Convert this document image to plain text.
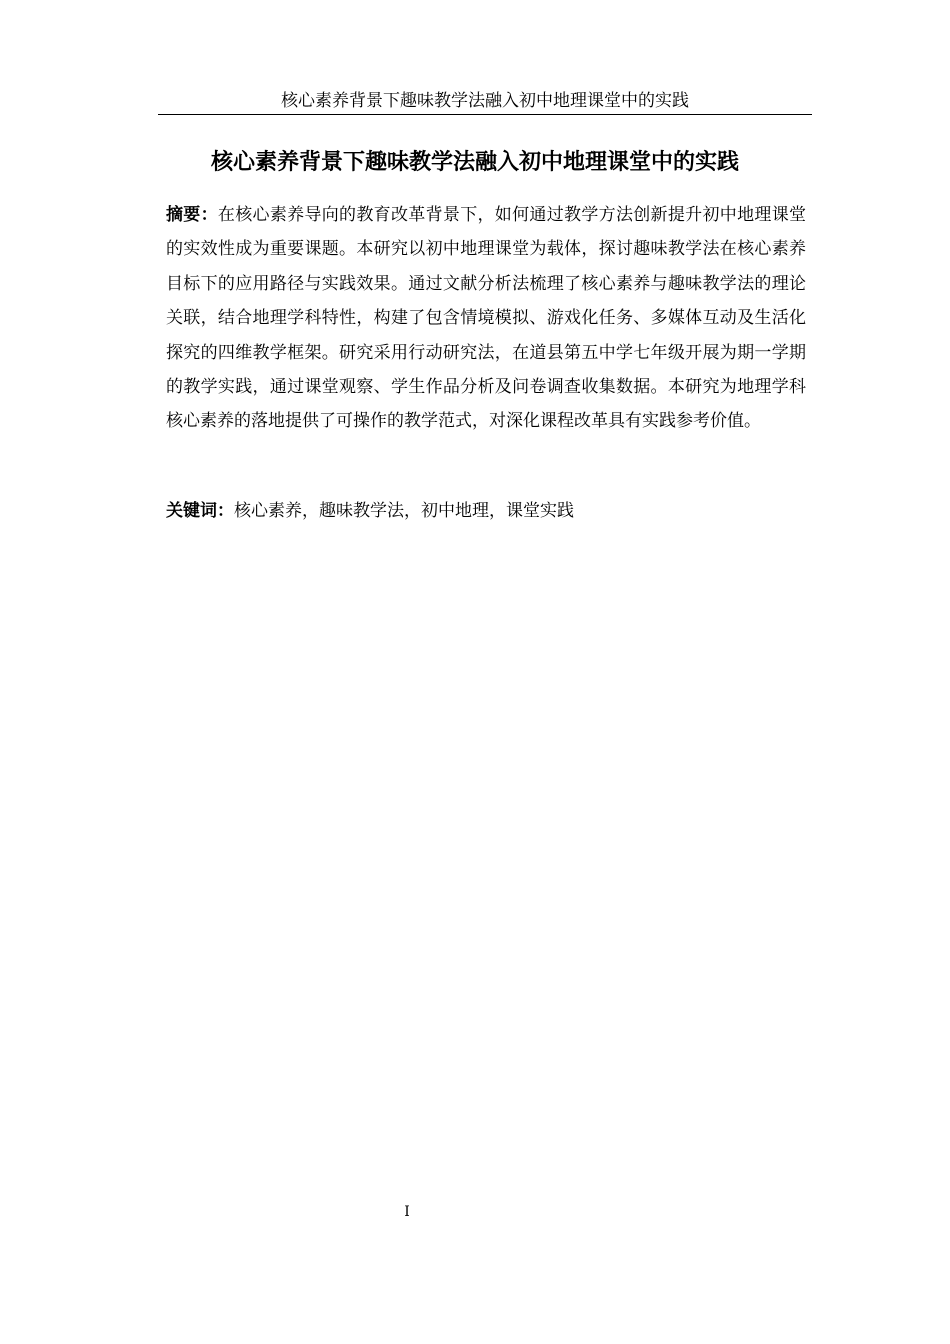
核心素养背景下趣味教学法融入初中地理课堂中的实践
核心素养背景下趣味教学法融入初中地理课堂中的实践

摘要：在核心素养导向的教育改革背景下，如何通过教学方法创新提升初中地理课堂的实效性成为重要课题。本研究以初中地理课堂为载体，探讨趣味教学法在核心素养目标下的应用路径与实践效果。通过文献分析法梳理了核心素养与趣味教学法的理论关联，结合地理学科特性，构建了包含情境模拟、游戏化任务、多媒体互动及生活化探究的四维教学框架。研究采用行动研究法，在道县第五中学七年级开展为期一学期的教学实践，通过课堂观察、学生作品分析及问卷调查收集数据。本研究为地理学科核心素养的落地提供了可操作的教学范式，对深化课程改革具有实践参考价值。

关键词：核心素养，趣味教学法，初中地理，课堂实践

I
